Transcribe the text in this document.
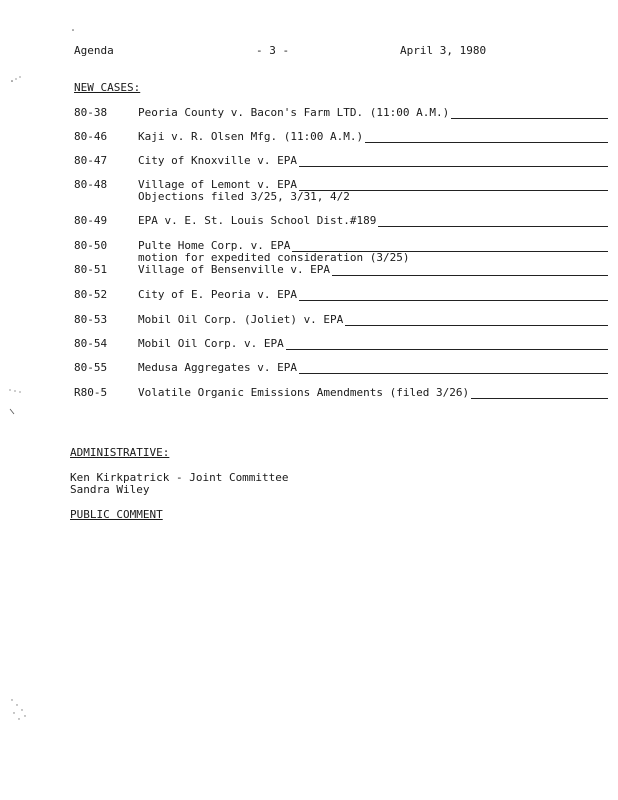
Agenda	- 3 -	April 3, 1980
NEW CASES:
80-38	Peoria County v. Bacon's Farm LTD. (11:00 A.M.)
80-46	Kaji v. R. Olsen Mfg. (11:00 A.M.)
80-47	City of Knoxville v. EPA
80-48	Village of Lemont v. EPA
Objections filed 3/25, 3/31, 4/2
80-49	EPA v. E. St. Louis School Dist.#189
80-50	Pulte Home Corp. v. EPA
motion for expedited consideration (3/25)
80-51	Village of Bensenville v. EPA
80-52	City of E. Peoria v. EPA
80-53	Mobil Oil Corp. (Joliet) v. EPA
80-54	Mobil Oil Corp. v. EPA
80-55	Medusa Aggregates v. EPA
R80-5	Volatile Organic Emissions Amendments (filed 3/26)
ADMINISTRATIVE:
Ken Kirkpatrick - Joint Committee
Sandra Wiley
PUBLIC COMMENT
